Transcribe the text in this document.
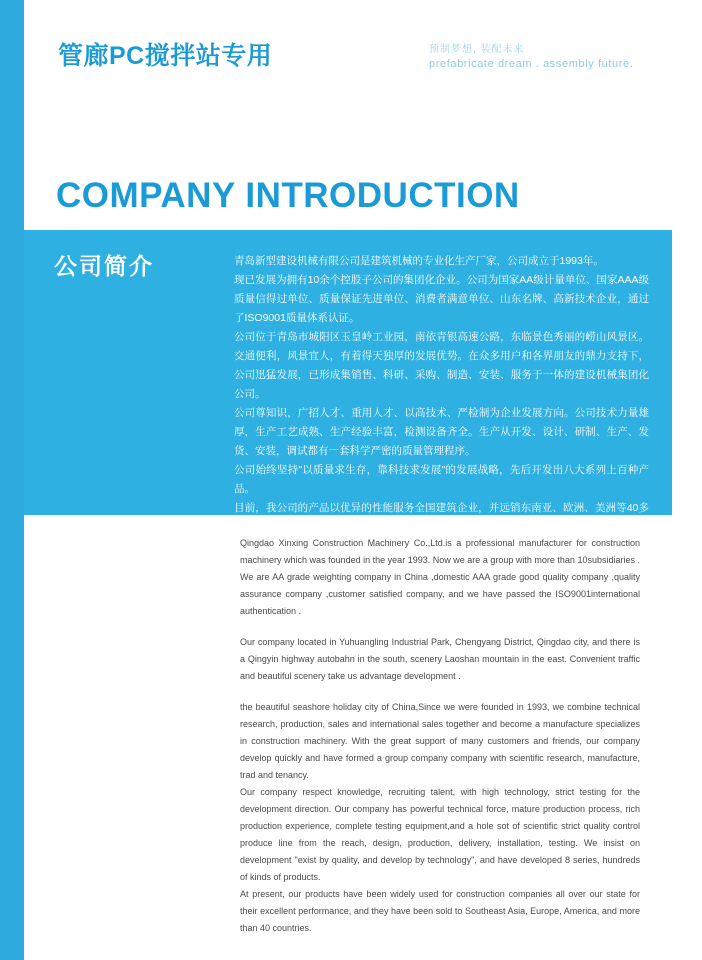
管廊PC搅拌站专用	预制梦想, 装配未来
prefabricate dream . assembly future.
COMPANY INTRODUCTION
公司简介	青岛新型建设机械有限公司是建筑机械的专业化生产厂家，公司成立于1993年。

现已发展为拥有10余个控股子公司的集团化企业。公司为国家AA级计量单位、国家AAA级质量信得过单位、质量保证先进单位、消费者满意单位、山东名牌、高新技术企业，通过了ISO9001质量体系认证。

公司位于青岛市城阳区玉皇岭工业园，南依青银高速公路，东临景色秀丽的崂山风景区。交通便利，风景宜人，有着得天独厚的发展优势。在众多用户和各界朋友的鼎力支持下，公司迅猛发展，已形成集销售、科研、采购、制造、安装、服务于一体的建设机械集团化公司。

公司尊知识，广招人才、重用人才、以高技术、严检制为企业发展方向。公司技术力量雄厚，生产工艺成熟、生产经验丰富，检测设备齐全。生产从开发、设计、研制、生产、发货、安装，调试都有一套科学严密的质量管理程序。

公司始终坚持"以质量求生存，靠科技求发展"的发展战略，先后开发出八大系列上百种产品。

目前，我公司的产品以优异的性能服务全国建筑企业，并远销东南亚、欧洲、美洲等40多个国家和地区。

Qingdao Xinxing Construction Machinery Co.,Ltd.is a professional manufacturer for construction machinery which was founded in the year 1993. Now we are a group with more than 10subsidiaries . We are AA grade weighting company in China ,domestic AAA grade good quality company ,quality assurance company ,customer satisfied company, and we have passed the ISO9001international authentication .

Our company located in Yuhuangling Industrial Park, Chengyang District, Qingdao city, and there is a Qingyin highway autobahn in the south, scenery Laoshan mountain in the east. Convenient traffic and beautiful scenery take us advantage development .

the beautiful seashore holiday city of China,Since we were founded in 1993, we combine technical research, production, sales and international sales together and become a manufacture specializes in construction machinery. With the great support of many customers and friends, our company develop quickly and have formed a group company company with scientific research, manufacture, trad and tenancy.

Our company respect knowledge, recruiting talent, with high technology, strict testing for the development direction. Our company has powerful technical force, mature production process, rich production experience, complete testing equipment,and a hole sot of scientific strict quality control produce line from the reach, design, production, delivery, installation, testing. We insist on development "exist by quality, and develop by technology", and have developed 8 series, hundreds of kinds of products.

At present, our products have been widely used for construction companies all over our state for their excellent performance, and they have been sold to Southeast Asia, Europe, America, and more than 40 countries.
